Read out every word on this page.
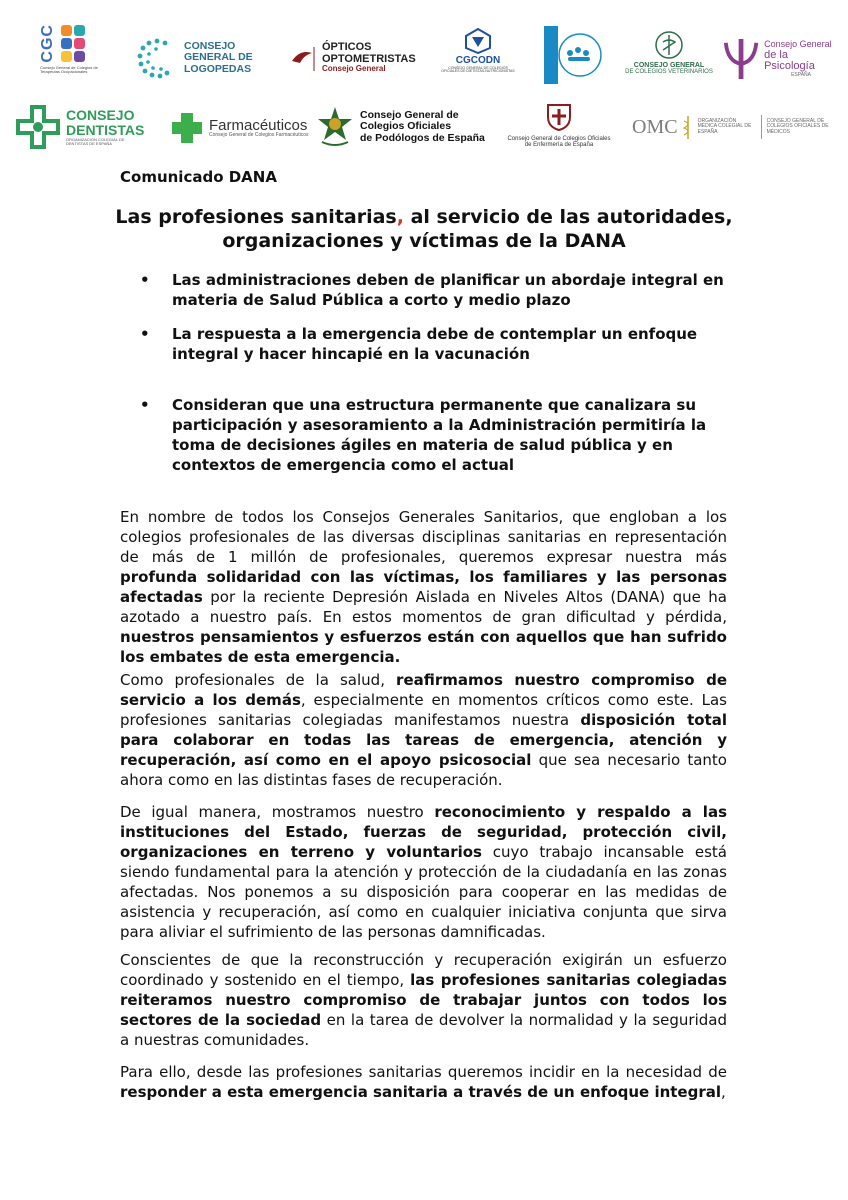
CGC
Consejo General de Colegios de Terapeutas Ocupacionales
CONSEJO
GENERAL DE
LOGOPEDAS
ÓPTICOS
OPTOMETRISTAS
Consejo General
CGCODN
CONSEJO GENERAL DE COLEGIOS OFICIALES DE DIETISTAS-NUTRICIONISTAS
CONSEJO GENERAL
DE COLEGIOS VETERINARIOS
Consejo General
de la Psicología
ESPAÑA
CONSEJO
DENTISTAS
ORGANIZACIÓN COLEGIAL DE DENTISTAS DE ESPAÑA
Farmacéuticos
Consejo General de Colegios Farmacéuticos
Consejo General de
Colegios Oficiales
de Podólogos de España	Consejo General de Colegios Oficiales
de Enfermería de España
OMC	ORGANIZACIÓN MÉDICA COLEGIAL DE ESPAÑA
CONSEJO GENERAL DE COLEGIOS OFICIALES DE MÉDICOS
Comunicado DANA
Las profesiones sanitarias, al servicio de las autoridades, organizaciones y víctimas de la DANA
• Las administraciones deben de planificar un abordaje integral en materia de Salud Pública a corto y medio plazo
• La respuesta a la emergencia debe de contemplar un enfoque integral y hacer hincapié en la vacunación
• Consideran que una estructura permanente que canalizara su participación y asesoramiento a la Administración permitiría la toma de decisiones ágiles en materia de salud pública y en contextos de emergencia como el actual

En nombre de todos los Consejos Generales Sanitarios, que engloban a los colegios profesionales de las diversas disciplinas sanitarias en representación de más de 1 millón de profesionales, queremos expresar nuestra más profunda solidaridad con las víctimas, los familiares y las personas afectadas por la reciente Depresión Aislada en Niveles Altos (DANA) que ha azotado a nuestro país. En estos momentos de gran dificultad y pérdida, nuestros pensamientos y esfuerzos están con aquellos que han sufrido los embates de esta emergencia.

Como profesionales de la salud, reafirmamos nuestro compromiso de servicio a los demás, especialmente en momentos críticos como este. Las profesiones sanitarias colegiadas manifestamos nuestra disposición total para colaborar en todas las tareas de emergencia, atención y recuperación, así como en el apoyo psicosocial que sea necesario tanto ahora como en las distintas fases de recuperación.

De igual manera, mostramos nuestro reconocimiento y respaldo a las instituciones del Estado, fuerzas de seguridad, protección civil, organizaciones en terreno y voluntarios cuyo trabajo incansable está siendo fundamental para la atención y protección de la ciudadanía en las zonas afectadas. Nos ponemos a su disposición para cooperar en las medidas de asistencia y recuperación, así como en cualquier iniciativa conjunta que sirva para aliviar el sufrimiento de las personas damnificadas.

Conscientes de que la reconstrucción y recuperación exigirán un esfuerzo coordinado y sostenido en el tiempo, las profesiones sanitarias colegiadas reiteramos nuestro compromiso de trabajar juntos con todos los sectores de la sociedad en la tarea de devolver la normalidad y la seguridad a nuestras comunidades.

Para ello, desde las profesiones sanitarias queremos incidir en la necesidad de responder a esta emergencia sanitaria a través de un enfoque integral,
